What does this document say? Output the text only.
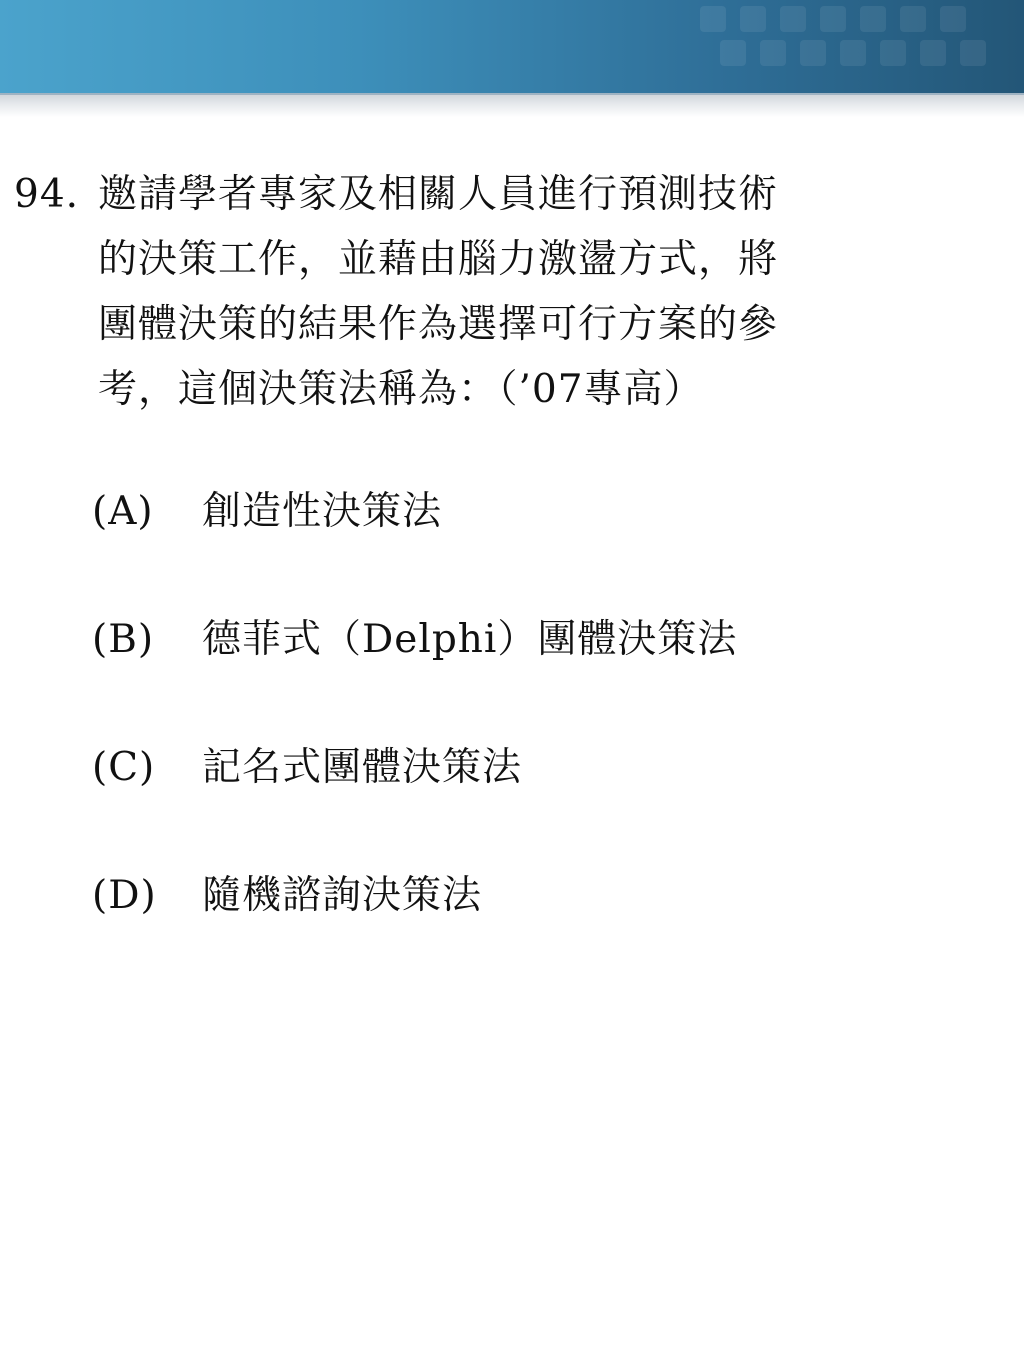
94. 邀請學者專家及相關人員進行預測技術
的決策工作，並藉由腦力激盪方式，將
團體決策的結果作為選擇可行方案的參
考，這個決策法稱為：（’07專高）
(A) 創造性決策法
(B) 德菲式（Delphi）團體決策法
(C) 記名式團體決策法
(D) 隨機諮詢決策法
